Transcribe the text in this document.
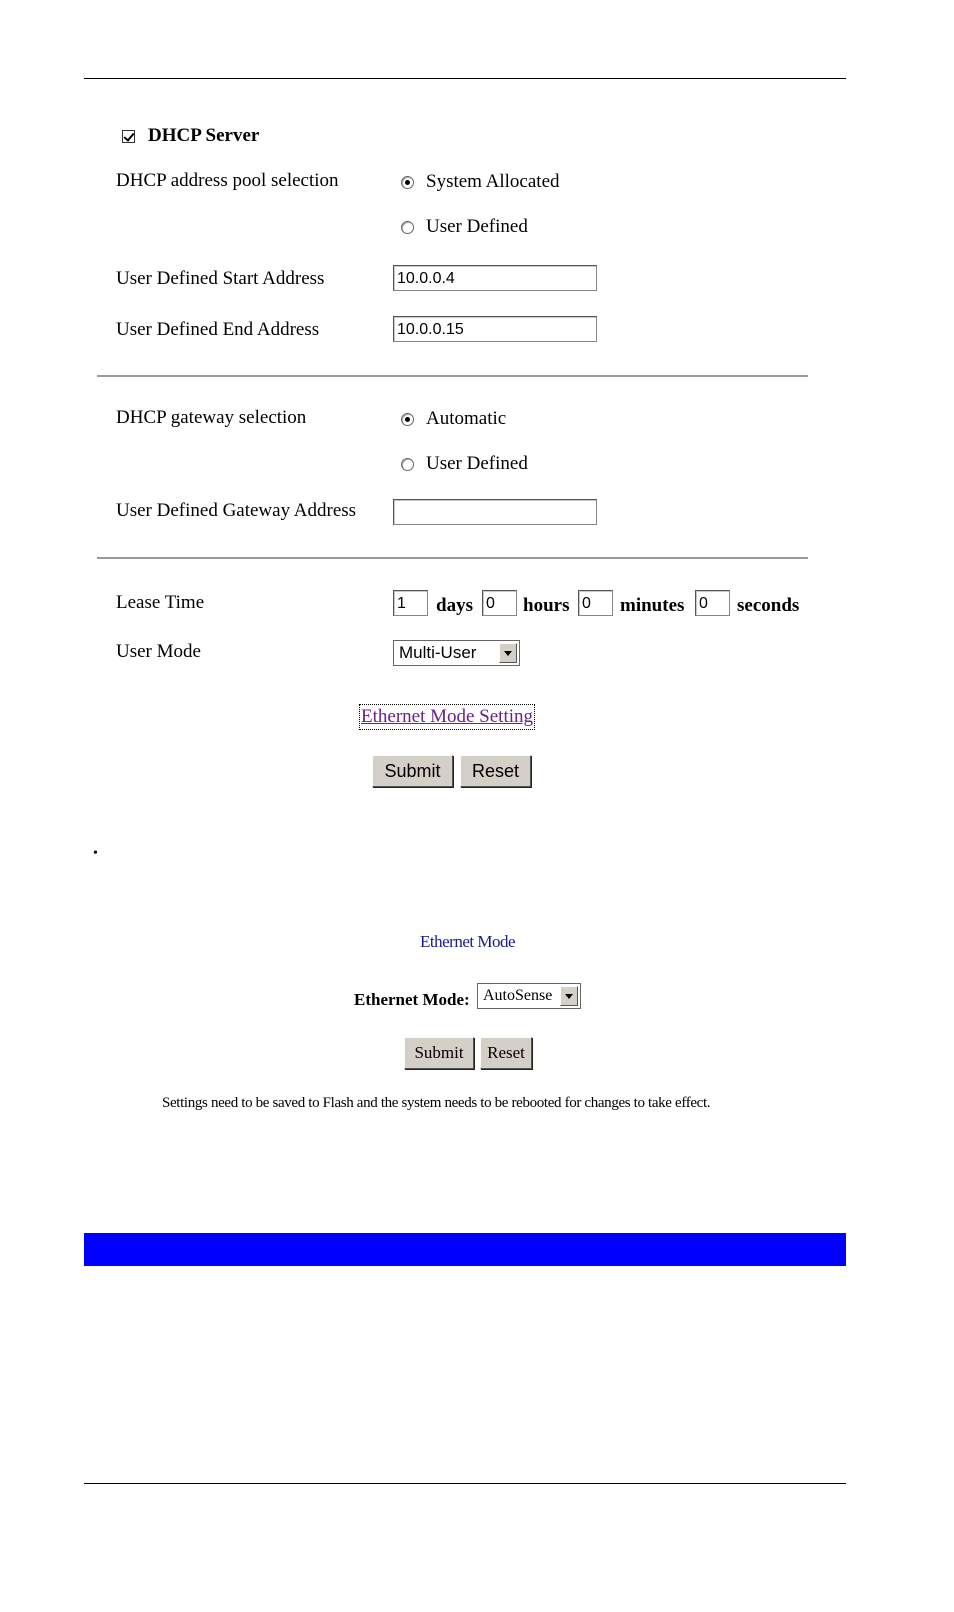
DHCP Server
DHCP address pool selection	System Allocated
User Defined
User Defined Start Address	10.0.0.4
User Defined End Address	10.0.0.15
DHCP gateway selection	Automatic
User Defined
User Defined Gateway Address
Lease Time	1	days 0	hours 0	minutes 0	seconds
User Mode	Multi-User
Ethernet Mode Setting
Submit	Reset
•
Ethernet Mode
Ethernet Mode: AutoSense
Submit	Reset
Settings need to be saved to Flash and the system needs to be rebooted for changes to take effect.
